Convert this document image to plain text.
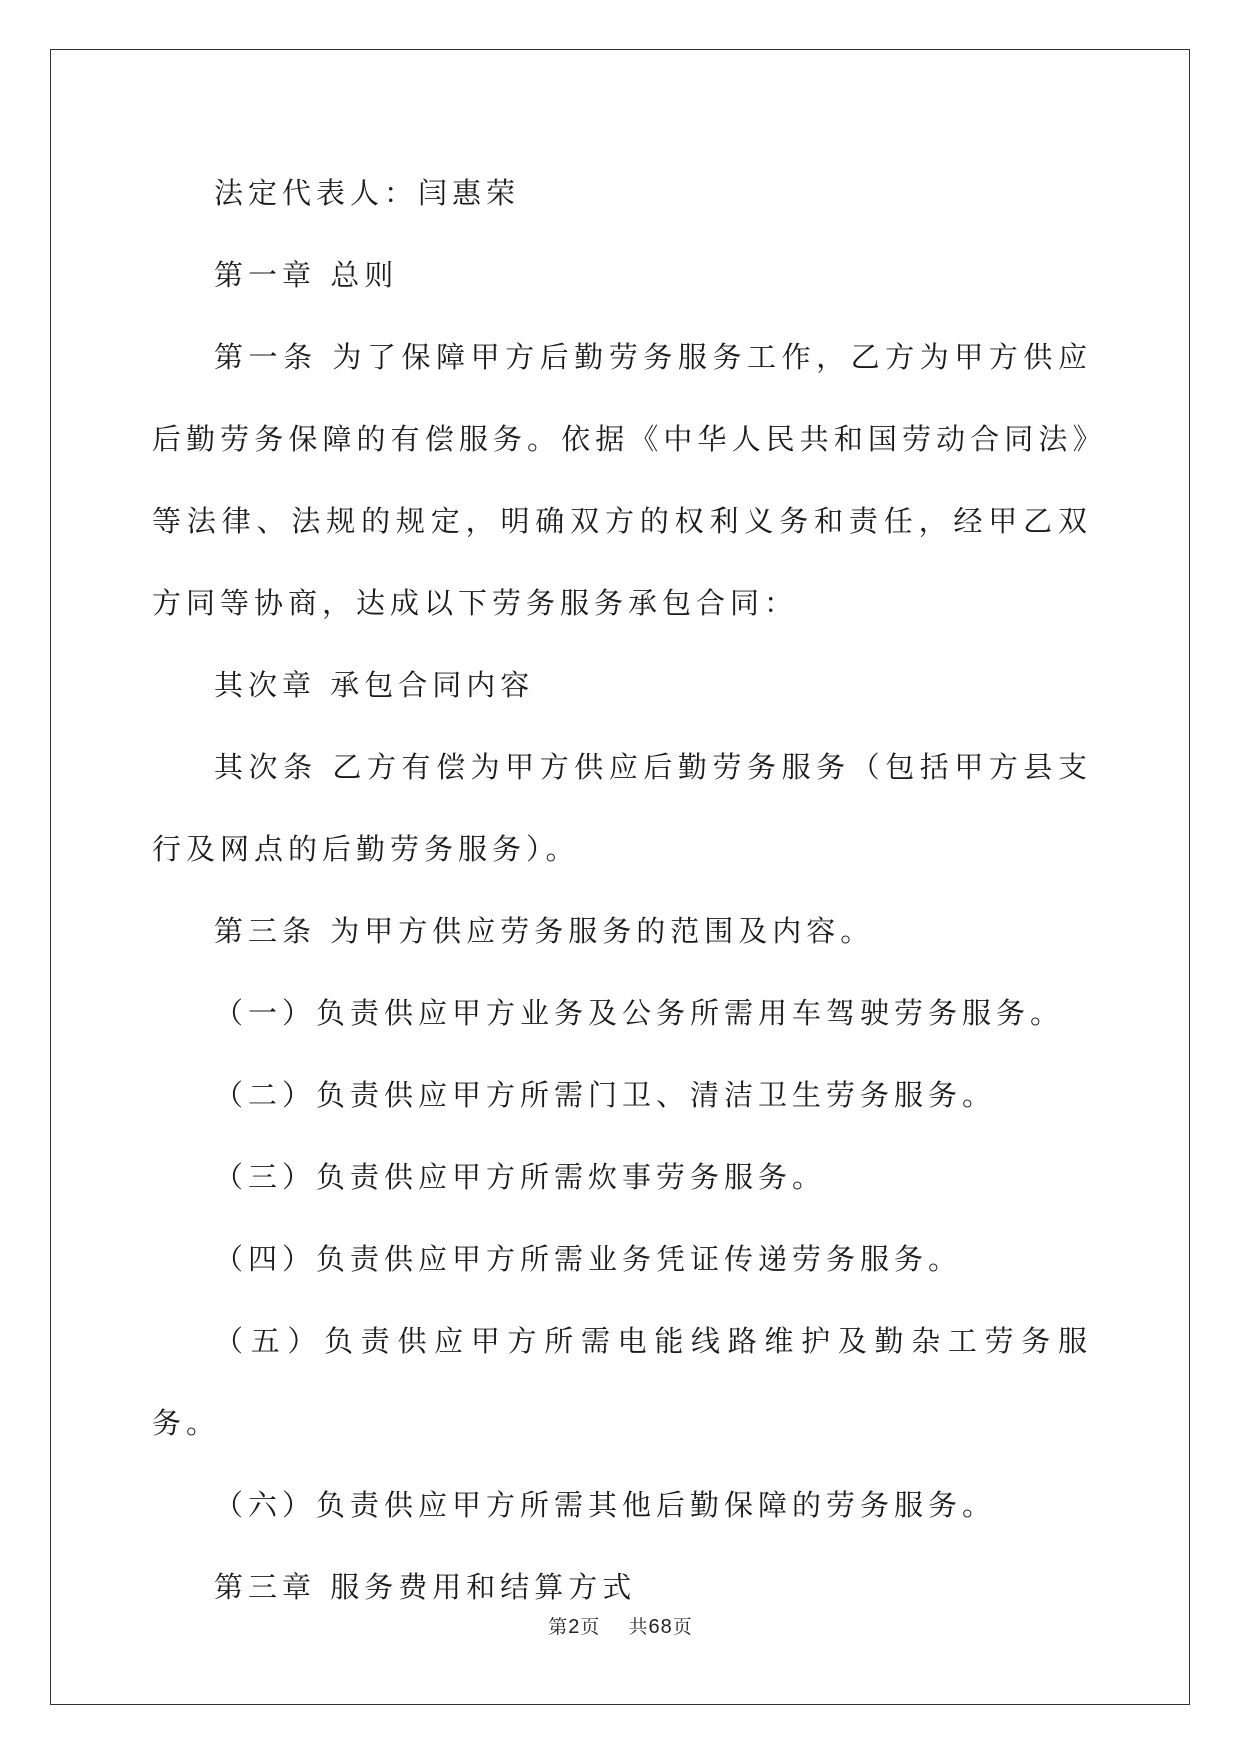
法定代表人：闫惠荣

第一章 总则

第一条 为了保障甲方后勤劳务服务工作，乙方为甲方供应后勤劳务保障的有偿服务。依据《中华人民共和国劳动合同法》等法律、法规的规定，明确双方的权利义务和责任，经甲乙双方同等协商，达成以下劳务服务承包合同：

其次章 承包合同内容

其次条 乙方有偿为甲方供应后勤劳务服务（包括甲方县支行及网点的后勤劳务服务）。

第三条 为甲方供应劳务服务的范围及内容。

（一）负责供应甲方业务及公务所需用车驾驶劳务服务。

（二）负责供应甲方所需门卫、清洁卫生劳务服务。

（三）负责供应甲方所需炊事劳务服务。

（四）负责供应甲方所需业务凭证传递劳务服务。

（五）负责供应甲方所需电能线路维护及勤杂工劳务服务。

（六）负责供应甲方所需其他后勤保障的劳务服务。

第三章 服务费用和结算方式

第2页 共68页
